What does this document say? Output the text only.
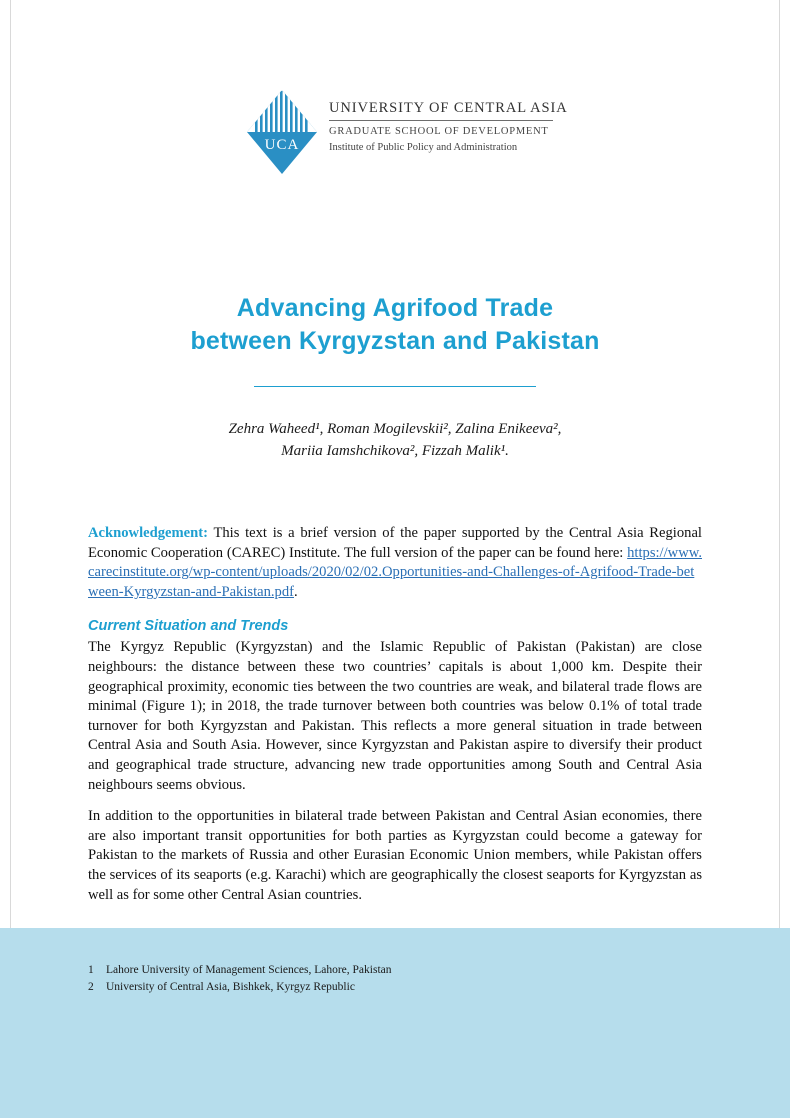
UCA
UNIVERSITY OF CENTRAL ASIA
GRADUATE SCHOOL OF DEVELOPMENT
Institute of Public Policy and Administration
Advancing Agrifood Trade
between Kyrgyzstan and Pakistan
Zehra Waheed¹, Roman Mogilevskii², Zalina Enikeeva²,
Mariia Iamshchikova², Fizzah Malik¹.

Acknowledgement: This text is a brief version of the paper supported by the Central Asia Regional Economic Cooperation (CAREC) Institute. The full version of the paper can be found here: https://www.carecinstitute.org/wp-content/uploads/2020/02/02.Opportunities-and-Challenges-of-Agrifood-Trade-between-Kyrgyzstan-and-Pakistan.pdf.

Current Situation and Trends

The Kyrgyz Republic (Kyrgyzstan) and the Islamic Republic of Pakistan (Pakistan) are close neighbours: the distance between these two countries’ capitals is about 1,000 km. Despite their geographical proximity, economic ties between the two countries are weak, and bilateral trade flows are minimal (Figure 1); in 2018, the trade turnover between both countries was below 0.1% of total trade turnover for both Kyrgyzstan and Pakistan. This reflects a more general situation in trade between Central Asia and South Asia. However, since Kyrgyzstan and Pakistan aspire to diversify their product and geographical trade structure, advancing new trade opportunities among South and Central Asia neighbours seems obvious.

In addition to the opportunities in bilateral trade between Pakistan and Central Asian economies, there are also important transit opportunities for both parties as Kyrgyzstan could become a gateway for Pakistan to the markets of Russia and other Eurasian Economic Union members, while Pakistan offers the services of its seaports (e.g. Karachi) which are geographically the closest seaports for Kyrgyzstan as well as for some other Central Asian countries.

1	Lahore University of Management Sciences, Lahore, Pakistan
2	University of Central Asia, Bishkek, Kyrgyz Republic
